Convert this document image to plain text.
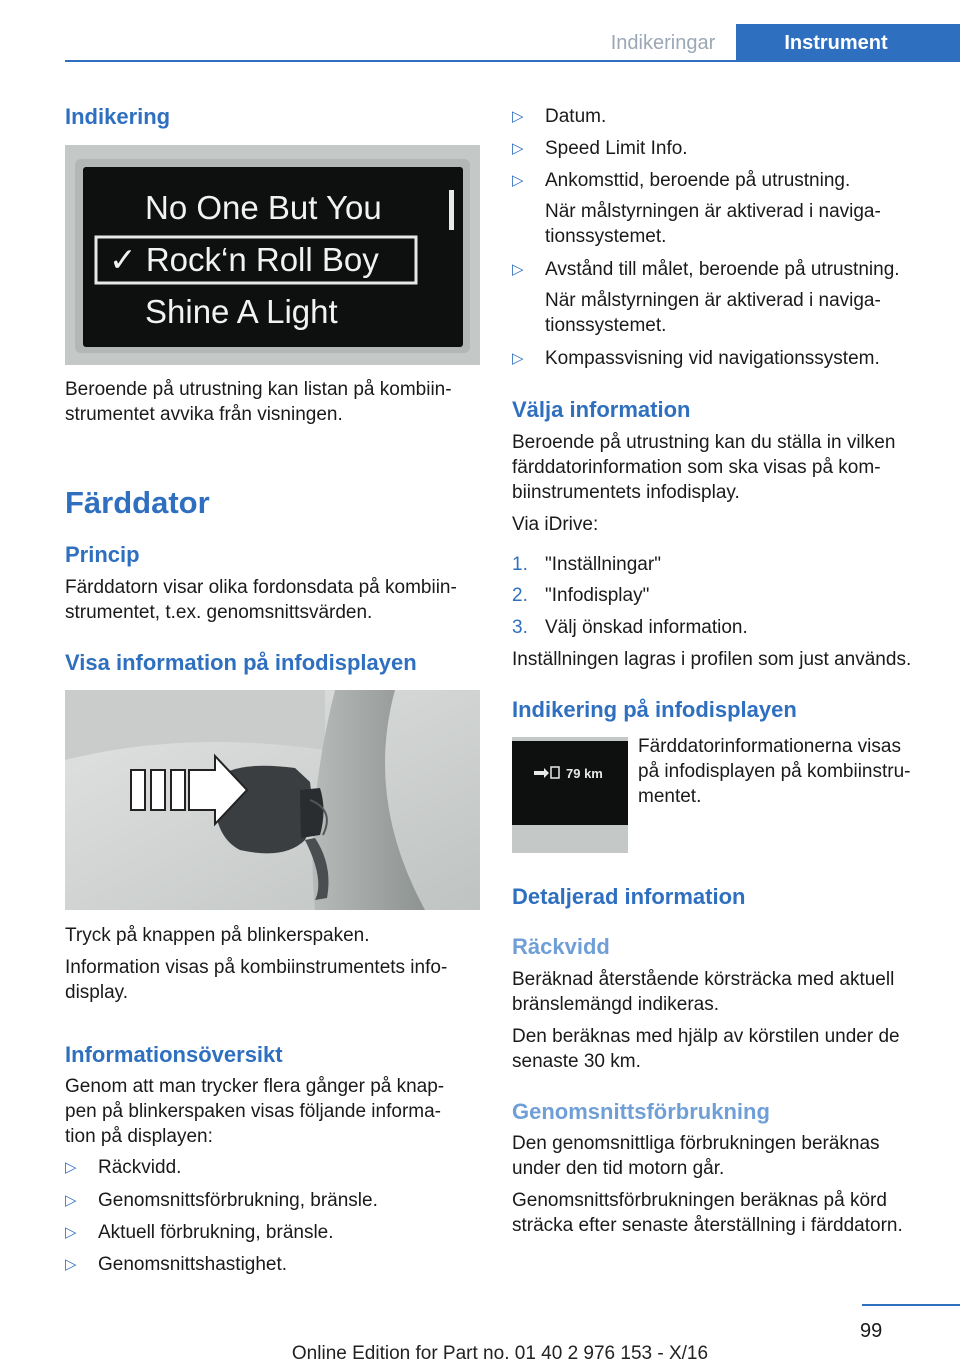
Indikeringar	Instrument
Indikering
No One But You
✓ Rock‘n Roll Boy
Shine A Light
Beroende på utrustning kan listan på kombiin‐
strumentet avvika från visningen.
Färddator
Princip
Färddatorn visar olika fordonsdata på kombiin‐
strumentet, t.ex. genomsnittsvärden.
Visa information på infodisplayen
Tryck på knappen på blinkerspaken.
Information visas på kombiinstrumentets info‐
display.
Informationsöversikt
Genom att man trycker flera gånger på knap‐
pen på blinkerspaken visas följande informa‐
tion på displayen:
▷ Räckvidd.
▷ Genomsnittsförbrukning, bränsle.
▷ Aktuell förbrukning, bränsle.
▷ Genomsnittshastighet.
▷ Datum.
▷ Speed Limit Info.
▷ Ankomsttid, beroende på utrustning.
När målstyrningen är aktiverad i naviga‐
tionssystemet.
▷ Avstånd till målet, beroende på utrustning.
När målstyrningen är aktiverad i naviga‐
tionssystemet.
▷ Kompassvisning vid navigationssystem.
Välja information
Beroende på utrustning kan du ställa in vilken
färddatorinformation som ska visas på kom‐
biinstrumentets infodisplay.
Via iDrive:
1. "Inställningar"
2. "Infodisplay"
3. Välj önskad information.
Inställningen lagras i profilen som just används.
Indikering på infodisplayen
79 km
Färddatorinformationerna visas
på infodisplayen på kombiinstru‐
mentet.
Detaljerad information
Räckvidd
Beräknad återstående körsträcka med aktuell
bränslemängd indikeras.
Den beräknas med hjälp av körstilen under de
senaste 30 km.
Genomsnittsförbrukning
Den genomsnittliga förbrukningen beräknas
under den tid motorn går.
Genomsnittsförbrukningen beräknas på körd
sträcka efter senaste återställning i färddatorn.
99
Online Edition for Part no. 01 40 2 976 153 - X/16
